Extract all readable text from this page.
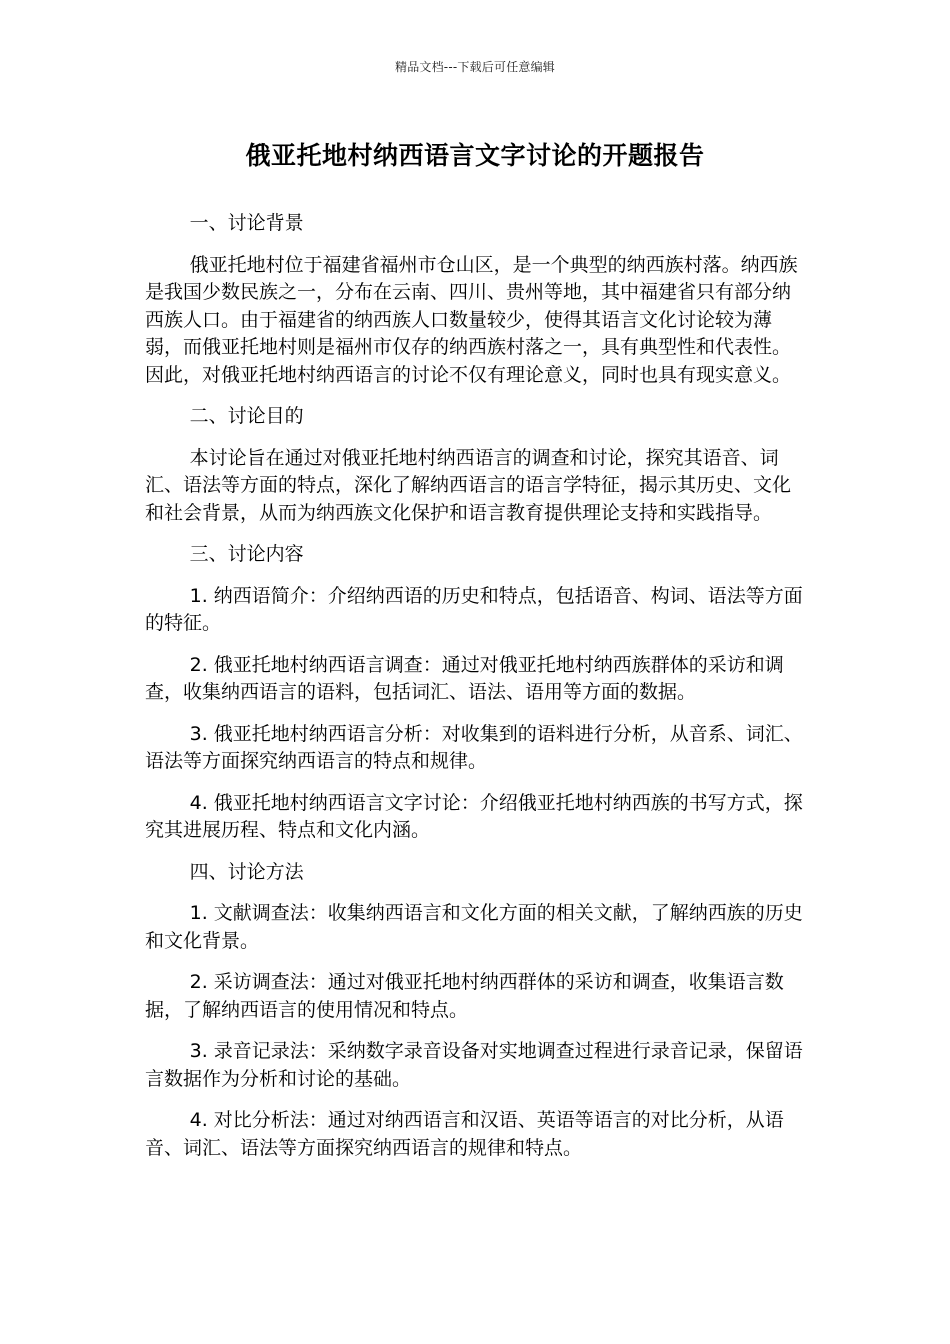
精品文档---下载后可任意编辑
俄亚托地村纳西语言文字讨论的开题报告

一、讨论背景

俄亚托地村位于福建省福州市仓山区，是一个典型的纳西族村落。纳西族是我国少数民族之一，分布在云南、四川、贵州等地，其中福建省只有部分纳西族人口。由于福建省的纳西族人口数量较少，使得其语言文化讨论较为薄弱，而俄亚托地村则是福州市仅存的纳西族村落之一，具有典型性和代表性。因此，对俄亚托地村纳西语言的讨论不仅有理论意义，同时也具有现实意义。

二、讨论目的

本讨论旨在通过对俄亚托地村纳西语言的调查和讨论，探究其语音、词汇、语法等方面的特点，深化了解纳西语言的语言学特征，揭示其历史、文化和社会背景，从而为纳西族文化保护和语言教育提供理论支持和实践指导。

三、讨论内容

1. 纳西语简介：介绍纳西语的历史和特点，包括语音、构词、语法等方面的特征。

2. 俄亚托地村纳西语言调查：通过对俄亚托地村纳西族群体的采访和调查，收集纳西语言的语料，包括词汇、语法、语用等方面的数据。

3. 俄亚托地村纳西语言分析：对收集到的语料进行分析，从音系、词汇、语法等方面探究纳西语言的特点和规律。

4. 俄亚托地村纳西语言文字讨论：介绍俄亚托地村纳西族的书写方式，探究其进展历程、特点和文化内涵。

四、讨论方法

1. 文献调查法：收集纳西语言和文化方面的相关文献，了解纳西族的历史和文化背景。

2. 采访调查法：通过对俄亚托地村纳西群体的采访和调查，收集语言数据，了解纳西语言的使用情况和特点。

3. 录音记录法：采纳数字录音设备对实地调查过程进行录音记录，保留语言数据作为分析和讨论的基础。

4. 对比分析法：通过对纳西语言和汉语、英语等语言的对比分析，从语音、词汇、语法等方面探究纳西语言的规律和特点。
